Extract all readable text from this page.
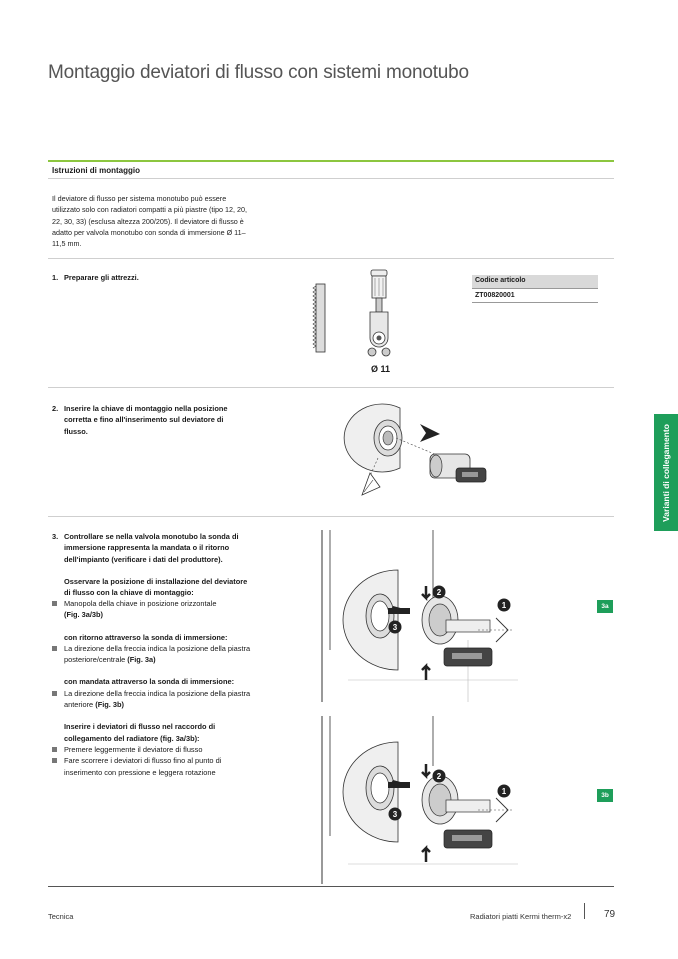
Montaggio deviatori di flusso con sistemi monotubo
Varianti di collegamento
Istruzioni di montaggio
Il deviatore di flusso per sistema monotubo può essere utilizzato solo con radiatori compatti a più piastre (tipo 12, 20, 22, 30, 33) (esclusa altezza 200/205). Il deviatore di flusso è adatto per valvola monotubo con sonda di immersione Ø 11–11,5 mm.
1. Preparare gli attrezzi.
Ø 11
Codice articolo
ZT00820001
2. Inserire la chiave di montaggio nella posizione corretta e fino all'inserimento sul deviatore di flusso.
3. Controllare se nella valvola monotubo la sonda di immersione rappresenta la mandata o il ritorno dell'impianto (verificare i dati del produttore).
Osservare la posizione di installazione del deviatore di flusso con la chiave di montaggio:
Manopola della chiave in posizione orizzontale
(Fig. 3a/3b)
con ritorno attraverso la sonda di immersione:
La direzione della freccia indica la posizione della piastra posteriore/centrale (Fig. 3a)
con mandata attraverso la sonda di immersione:
La direzione della freccia indica la posizione della piastra anteriore (Fig. 3b)
Inserire i deviatori di flusso nel raccordo di collegamento del radiatore (fig. 3a/3b):
Premere leggermente il deviatore di flusso
Fare scorrere i deviatori di flusso fino al punto di inserimento con pressione e leggera rotazione
2
1
3
3a
2
1
3
3b
Tecnica	Radiatori piatti Kermi therm-x2	79
